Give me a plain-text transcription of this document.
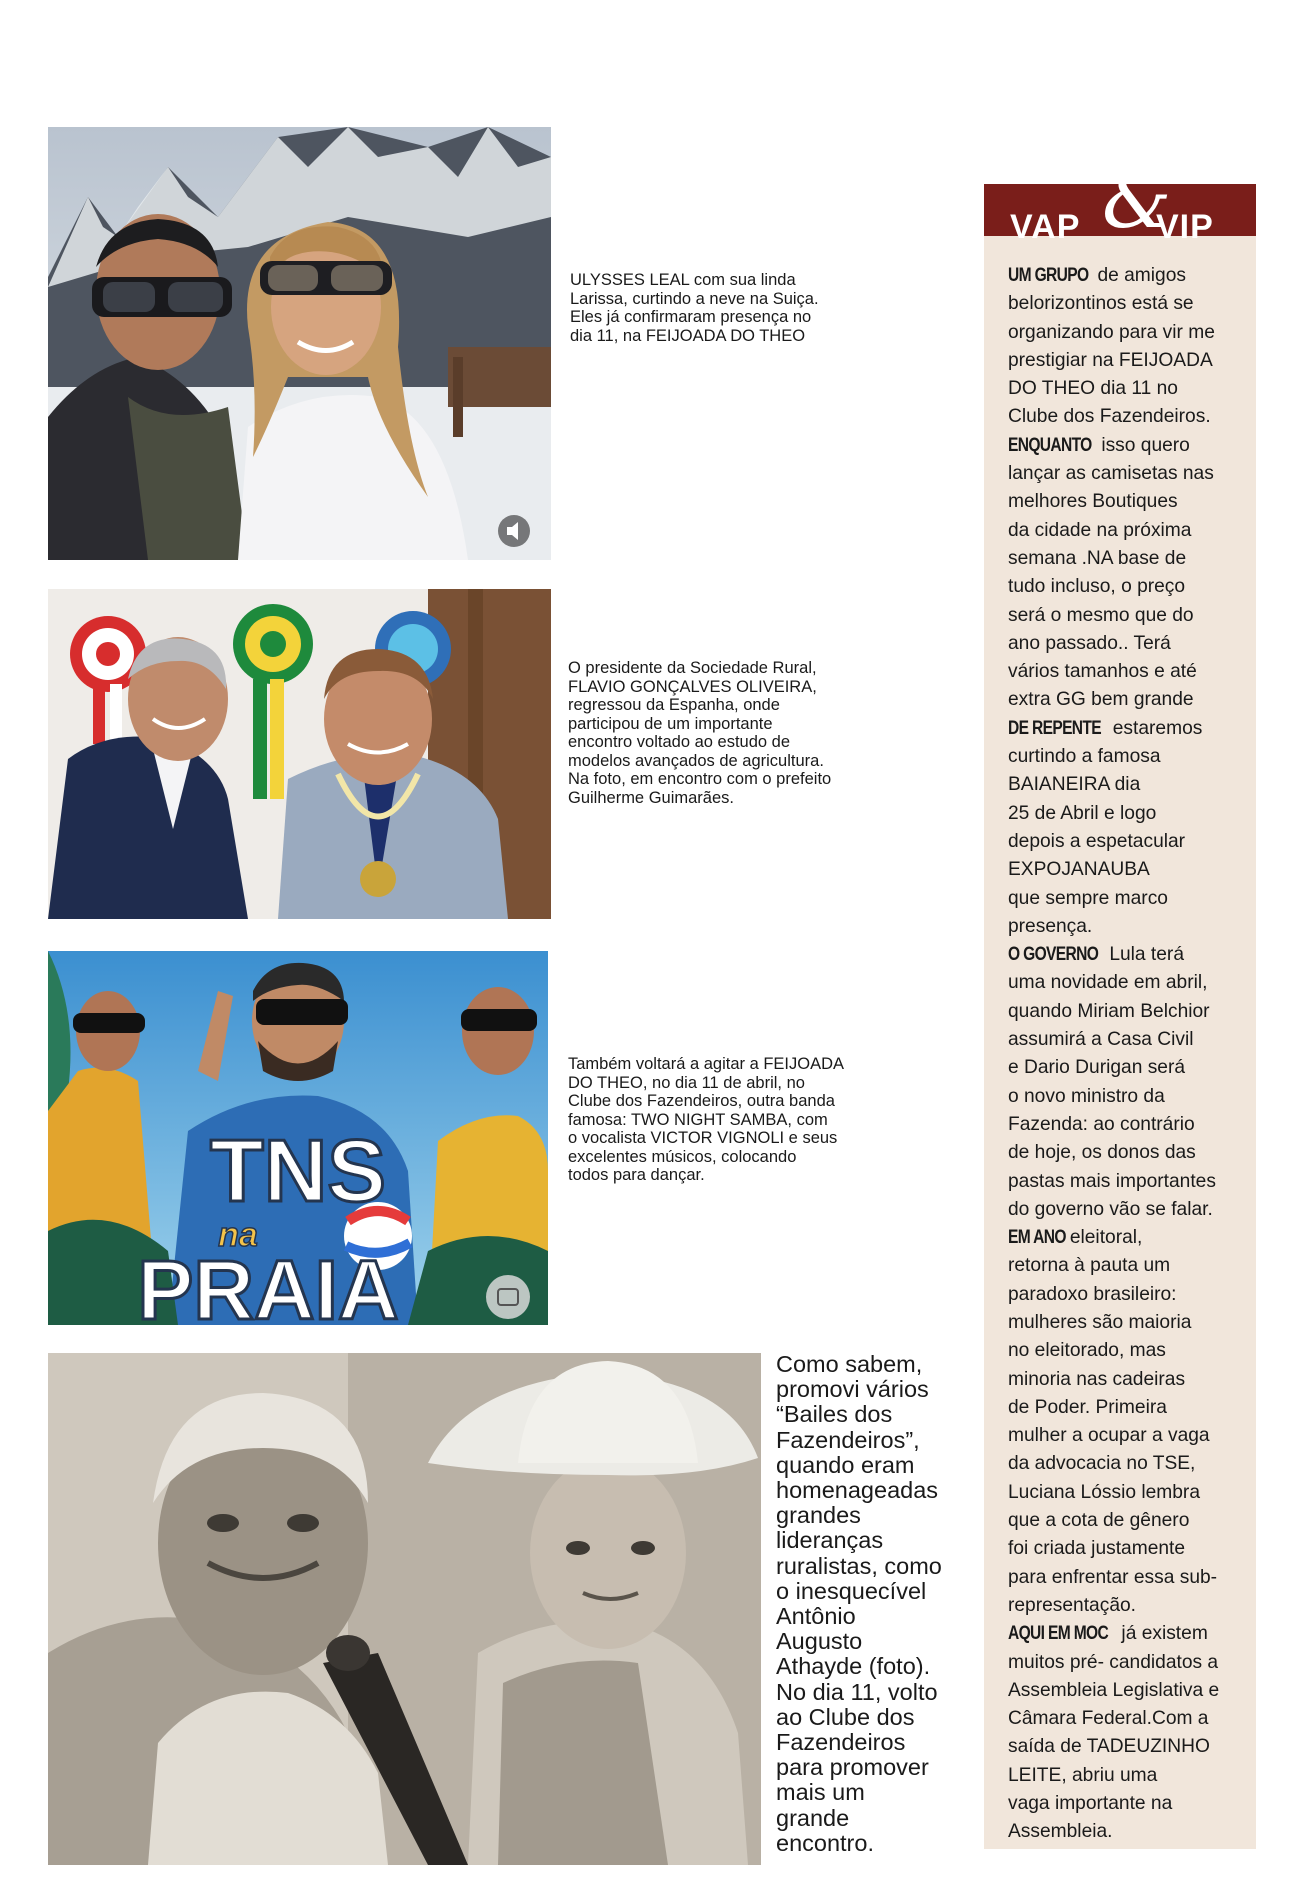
ULYSSES LEAL com sua linda
Larissa, curtindo a neve na Suiça.
Eles já confirmaram presença no
dia 11, na FEIJOADA DO THEO
O presidente da Sociedade Rural,
FLAVIO GONÇALVES OLIVEIRA,
regressou da Espanha, onde
participou de um importante
encontro voltado ao estudo de
modelos avançados de agricultura.
Na foto, em encontro com o prefeito
Guilherme Guimarães.
TNS
na
PRAIA
Também voltará a agitar a FEIJOADA
DO THEO, no dia 11 de abril, no
Clube dos Fazendeiros, outra banda
famosa: TWO NIGHT SAMBA, com
o vocalista VICTOR VIGNOLI e seus
excelentes músicos, colocando
todos para dançar.
Como sabem,
promovi vários
“Bailes dos
Fazendeiros”,
quando eram
homenageadas
grandes
lideranças
ruralistas, como
o inesquecível
Antônio
Augusto
Athayde (foto).
No dia 11, volto
ao Clube dos
Fazendeiros
para promover
mais um
grande
encontro.
VAP &
VIP
UM GRUPO de amigos
belorizontinos está se
organizando para vir me
prestigiar na FEIJOADA
DO THEO dia 11 no
Clube dos Fazendeiros.
ENQUANTO isso quero
lançar as camisetas nas
melhores Boutiques
da cidade na próxima
semana .NA base de
tudo incluso, o preço
será o mesmo que do
ano passado.. Terá
vários tamanhos e até
extra GG bem grande
DE REPENTE estaremos
curtindo a famosa
BAIANEIRA dia
25 de Abril e logo
depois a espetacular
EXPOJANAUBA
que sempre marco
presença.
O GOVERNO Lula terá
uma novidade em abril,
quando Miriam Belchior
assumirá a Casa Civil
e Dario Durigan será
o novo ministro da
Fazenda: ao contrário
de hoje, os donos das
pastas mais importantes
do governo vão se falar.
EM ANO eleitoral,
retorna à pauta um
paradoxo brasileiro:
mulheres são maioria
no eleitorado, mas
minoria nas cadeiras
de Poder. Primeira
mulher a ocupar a vaga
da advocacia no TSE,
Luciana Lóssio lembra
que a cota de gênero
foi criada justamente
para enfrentar essa sub-
representação.
AQUI EM MOC já existem
muitos pré- candidatos a
Assembleia Legislativa e
Câmara Federal.Com a
saída de TADEUZINHO
LEITE, abriu uma
vaga importante na
Assembleia.
